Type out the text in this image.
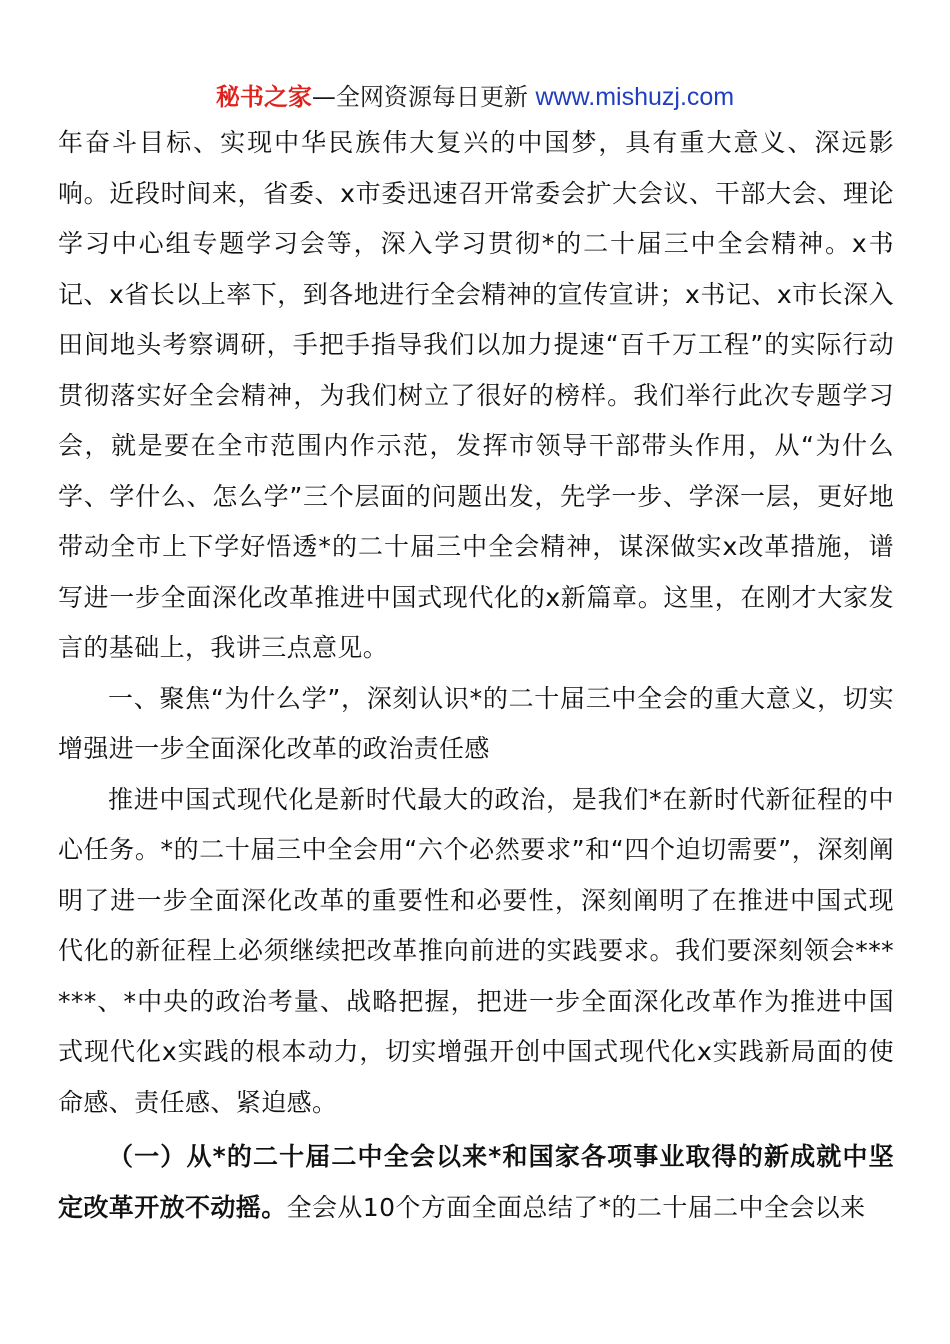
秘书之家—全网资源每日更新 www.mishuzj.com

年奋斗目标、实现中华民族伟大复兴的中国梦，具有重大意义、深远影响。近段时间来，省委、x市委迅速召开常委会扩大会议、干部大会、理论学习中心组专题学习会等，深入学习贯彻*的二十届三中全会精神。x书记、x省长以上率下，到各地进行全会精神的宣传宣讲；x书记、x市长深入田间地头考察调研，手把手指导我们以加力提速“百千万工程”的实际行动贯彻落实好全会精神，为我们树立了很好的榜样。我们举行此次专题学习会，就是要在全市范围内作示范，发挥市领导干部带头作用，从“为什么学、学什么、怎么学”三个层面的问题出发，先学一步、学深一层，更好地带动全市上下学好悟透*的二十届三中全会精神，谋深做实x改革措施，谱写进一步全面深化改革推进中国式现代化的x新篇章。这里，在刚才大家发言的基础上，我讲三点意见。

一、聚焦“为什么学”，深刻认识*的二十届三中全会的重大意义，切实增强进一步全面深化改革的政治责任感

推进中国式现代化是新时代最大的政治，是我们*在新时代新征程的中心任务。*的二十届三中全会用“六个必然要求”和“四个迫切需要”，深刻阐明了进一步全面深化改革的重要性和必要性，深刻阐明了在推进中国式现代化的新征程上必须继续把改革推向前进的实践要求。我们要深刻领会******、*中央的政治考量、战略把握，把进一步全面深化改革作为推进中国式现代化x实践的根本动力，切实增强开创中国式现代化x实践新局面的使命感、责任感、紧迫感。

（一）从*的二十届二中全会以来*和国家各项事业取得的新成就中坚定改革开放不动摇。全会从10个方面全面总结了*的二十届二中全会以来
